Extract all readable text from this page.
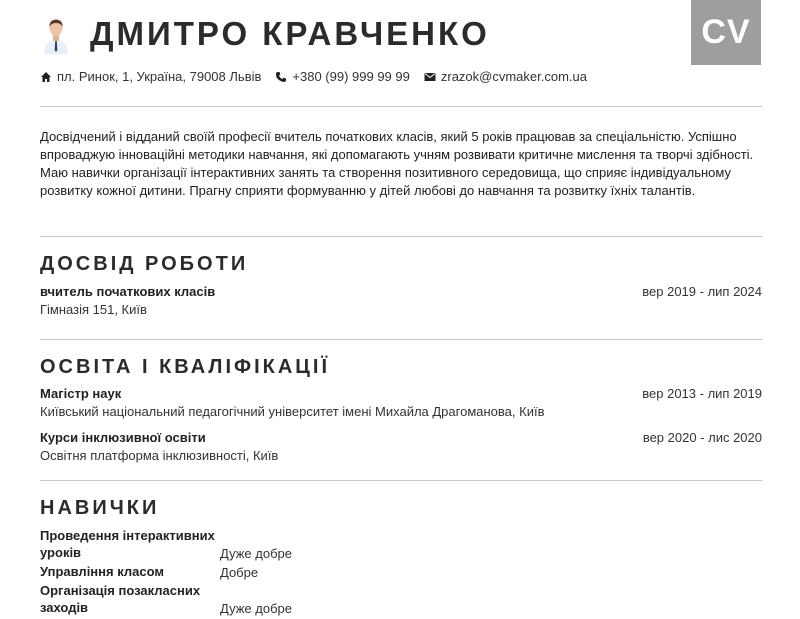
CV
ДМИТРО КРАВЧЕНКО
пл. Ринок, 1, Україна, 79008 Львів +380 (99) 999 99 99 zrazok@cvmaker.com.ua
Досвідчений і відданий своїй професії вчитель початкових класів, який 5 років працював за спеціальністю. Успішно впроваджую інноваційні методики навчання, які допомагають учням розвивати критичне мислення та творчі здібності. Маю навички організації інтерактивних занять та створення позитивного середовища, що сприяє індивідуальному розвитку кожної дитини. Прагну сприяти формуванню у дітей любові до навчання та розвитку їхніх талантів.
ДОСВІД РОБОТИ
вчитель початкових класів	вер 2019 - лип 2024
Гімназія 151, Київ
ОСВІТА І КВАЛІФІКАЦІЇ
Магістр наук	вер 2013 - лип 2019
Київський національний педагогічний університет імені Михайла Драгоманова, Київ
Курси інклюзивної освіти	вер 2020 - лис 2020
Освітня платформа інклюзивності, Київ
НАВИЧКИ
Проведення інтерактивних уроків	Дуже добре
Управління класом	Добре
Організація позакласних заходів	Дуже добре
